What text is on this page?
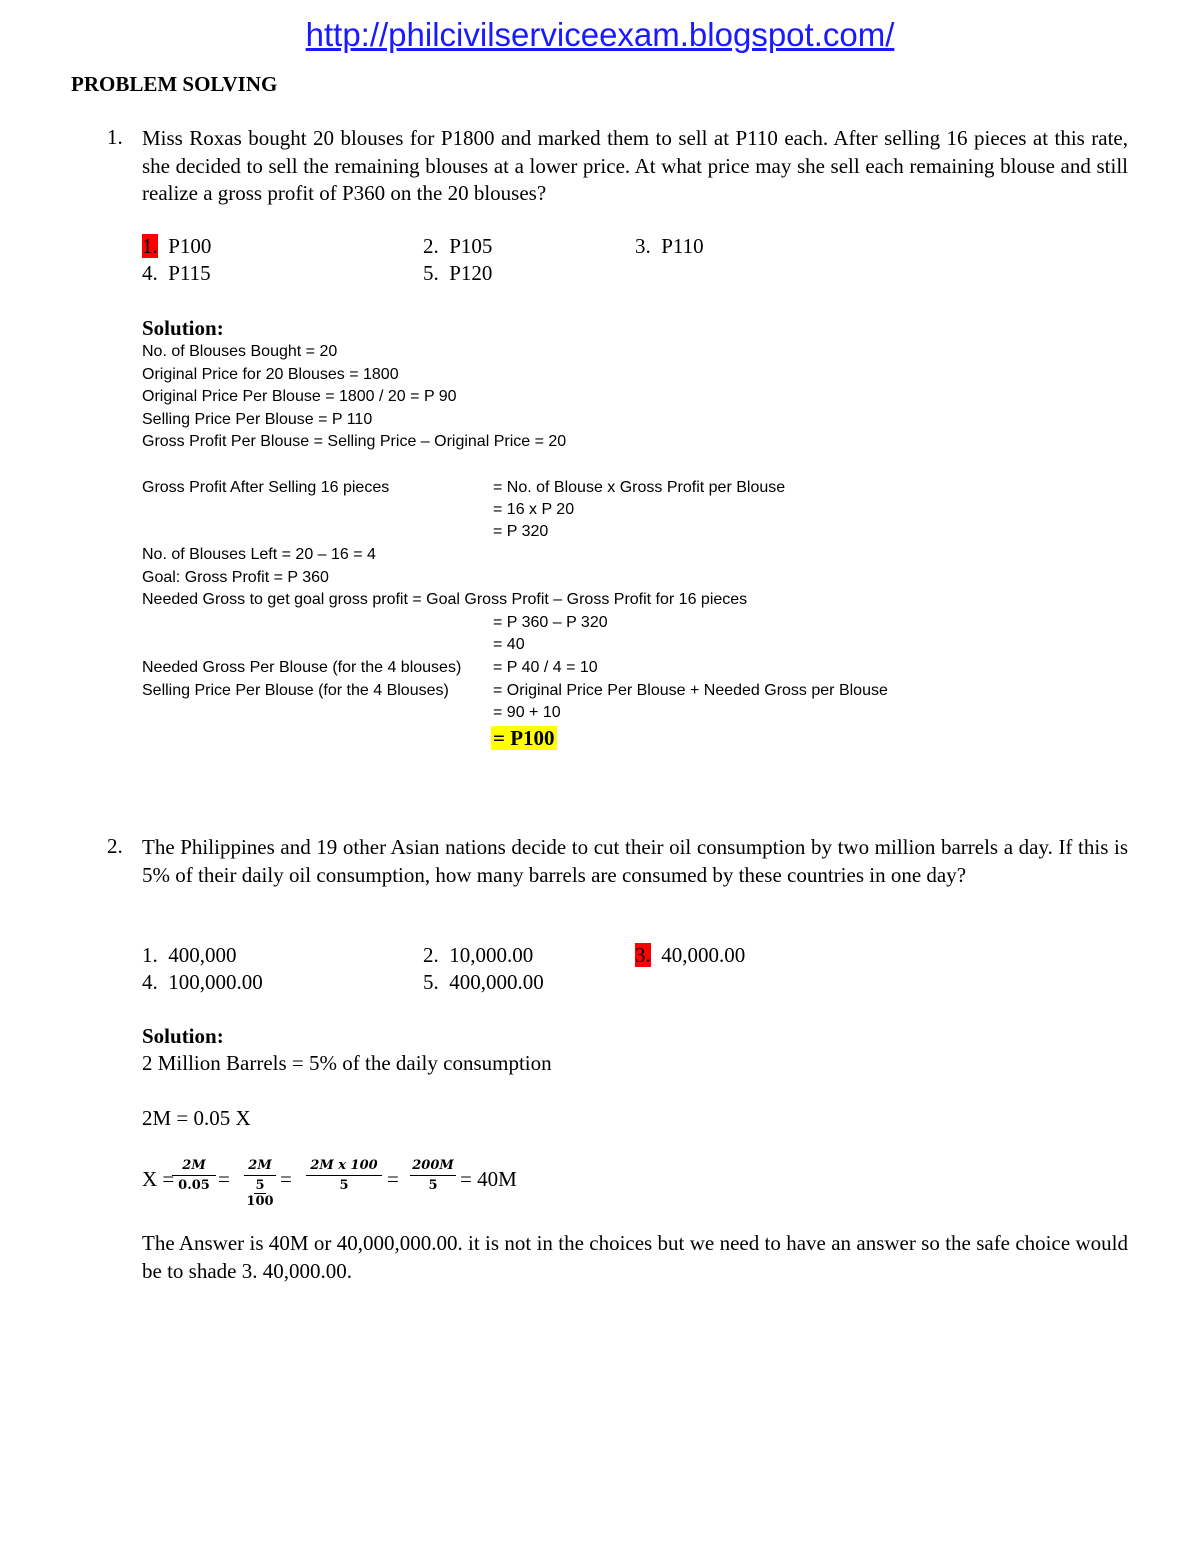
http://philcivilserviceexam.blogspot.com/
PROBLEM SOLVING
1. Miss Roxas bought 20 blouses for P1800 and marked them to sell at P110 each. After selling 16 pieces at this rate, she decided to sell the remaining blouses at a lower price. At what price may she sell each remaining blouse and still realize a gross profit of P360 on the 20 blouses?
1. P100	2. P105	3. P110
4. P115	5. P120
Solution:
No. of Blouses Bought = 20
Original Price for 20 Blouses = 1800
Original Price Per Blouse = 1800 / 20 = P 90
Selling Price Per Blouse = P 110
Gross Profit Per Blouse = Selling Price – Original Price = 20
Gross Profit After Selling 16 pieces	= No. of Blouse x Gross Profit per Blouse
= 16 x P 20
= P 320
No. of Blouses Left = 20 – 16 = 4
Goal: Gross Profit = P 360
Needed Gross to get goal gross profit = Goal Gross Profit – Gross Profit for 16 pieces
= P 360 – P 320
= 40
Needed Gross Per Blouse (for the 4 blouses) = P 40 / 4 = 10
Selling Price Per Blouse (for the 4 Blouses)	= Original Price Per Blouse + Needed Gross per Blouse
= 90 + 10
= P100
2. The Philippines and 19 other Asian nations decide to cut their oil consumption by two million barrels a day. If this is 5% of their daily oil consumption, how many barrels are consumed by these countries in one day?
1. 400,000	2. 10,000.00	3. 40,000.00
4. 100,000.00	5. 400,000.00
Solution:
2 Million Barrels = 5% of the daily consumption
2M = 0.05 X
X =
$\frac{2M}{0.05}$ =
2M
5
100
= $\frac{\text{2M x 100}}{5} = \frac{200M}{5} = 40M$
The Answer is 40M or 40,000,000.00. it is not in the choices but we need to have an answer so the safe choice would be to shade 3. 40,000.00.
